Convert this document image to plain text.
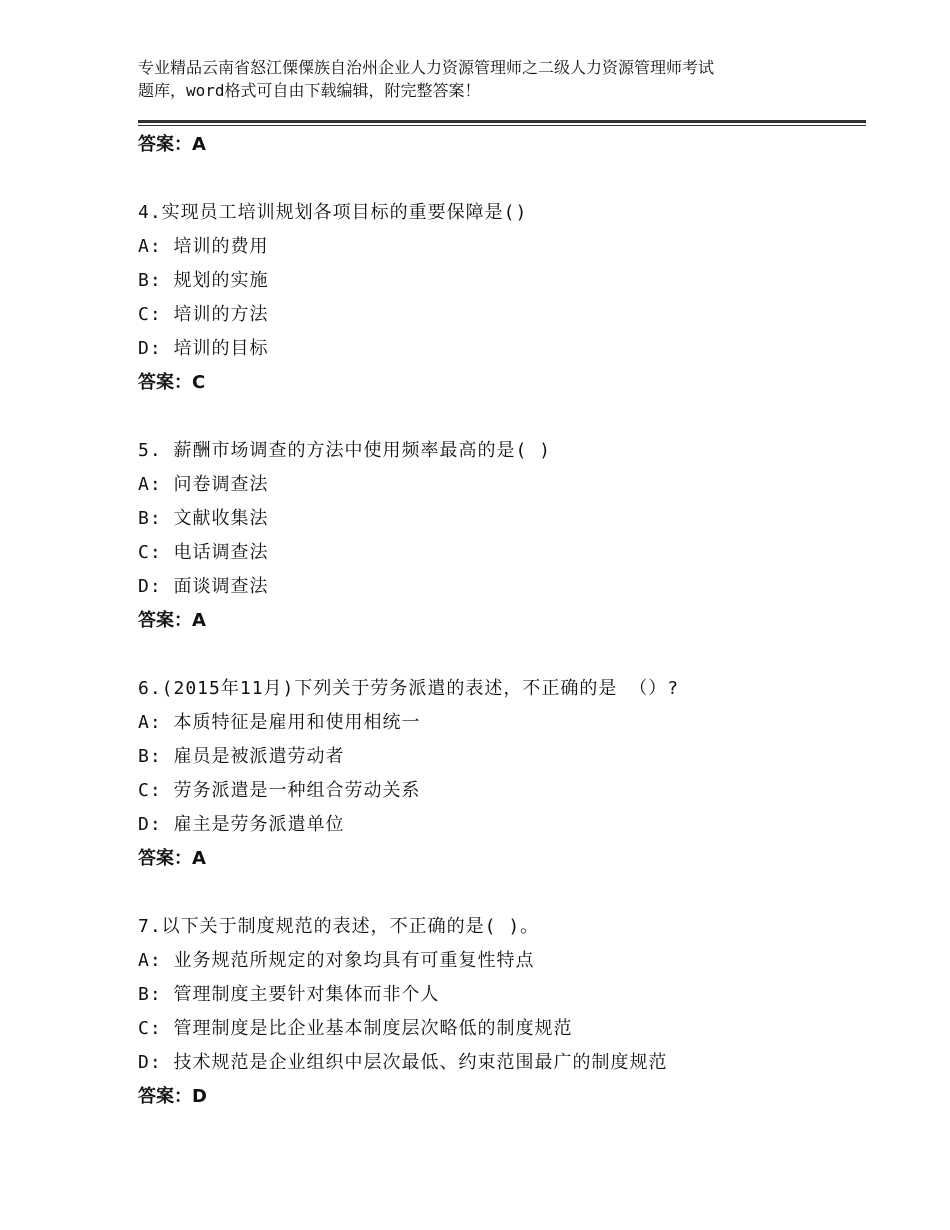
专业精品云南省怒江傈僳族自治州企业人力资源管理师之二级人力资源管理师考试
题库，word格式可自由下载编辑，附完整答案！
答案：A
4.实现员工培训规划各项目标的重要保障是()
A: 培训的费用
B: 规划的实施
C: 培训的方法
D: 培训的目标
答案：C
5. 薪酬市场调查的方法中使用频率最高的是( )
A: 问卷调查法
B: 文献收集法
C: 电话调查法
D: 面谈调查法
答案：A
6.(2015年11月)下列关于劳务派遣的表述，不正确的是 （）?
A: 本质特征是雇用和使用相统一
B: 雇员是被派遣劳动者
C: 劳务派遣是一种组合劳动关系
D: 雇主是劳务派遣单位
答案：A
7.以下关于制度规范的表述，不正确的是( )。
A: 业务规范所规定的对象均具有可重复性特点
B: 管理制度主要针对集体而非个人
C: 管理制度是比企业基本制度层次略低的制度规范
D: 技术规范是企业组织中层次最低、约束范围最广的制度规范
答案：D
